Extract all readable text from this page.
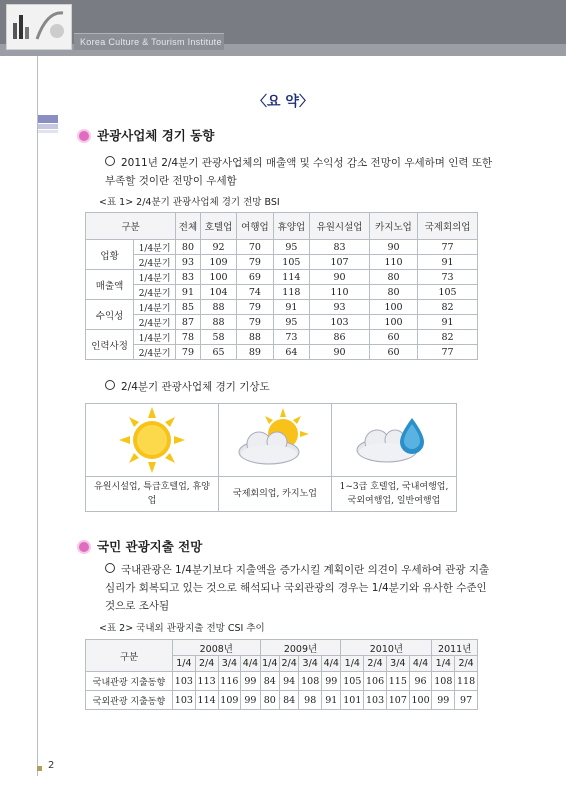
Korea Culture & Tourism Institute
〈요 약〉
관광사업체 경기 동향
2011년 2/4분기 관광사업체의 매출액 및 수익성 감소 전망이 우세하며 인력 또한 부족할 것이란 전망이 우세함
<표 1> 2/4분기 관광사업체 경기 전망 BSI
구분		전체	호텔업	여행업	휴양업	유원시설업	카지노업	국제회의업
업황	1/4분기	80	92	70	95	83	90	77
	2/4분기	93	109	79	105	107	110	91
매출액	1/4분기	83	100	69	114	90	80	73
	2/4분기	91	104	74	118	110	80	105
수익성	1/4분기	85	88	79	91	93	100	82
	2/4분기	87	88	79	95	103	100	91
인력사정	1/4분기	78	58	88	73	86	60	82
	2/4분기	79	65	89	64	90	60	77
2/4분기 관광사업체 경기 기상도
유원시설업, 특급호텔업, 휴양업
국제회의업, 카지노업
1~3급 호텔업, 국내여행업, 국외여행업, 일반여행업
국민 관광지출 전망
국내관광은 1/4분기보다 지출액을 증가시킬 계획이란 의견이 우세하여 관광 지출 심리가 회복되고 있는 것으로 해석되나 국외관광의 경우는 1/4분기와 유사한 수준인 것으로 조사됨
<표 2> 국내외 관광지출 전망 CSI 추이
구분	2008년				2009년				2010년				2011년	
	1/4	2/4	3/4	4/4	1/4	2/4	3/4	4/4	1/4	2/4	3/4	4/4	1/4	2/4
국내관광 지출동향	103	113	116	99	84	94	108	99	105	106	115	96	108	118
국외관광 지출동향	103	114	109	99	80	84	98	91	101	103	107	100	99	97
2
